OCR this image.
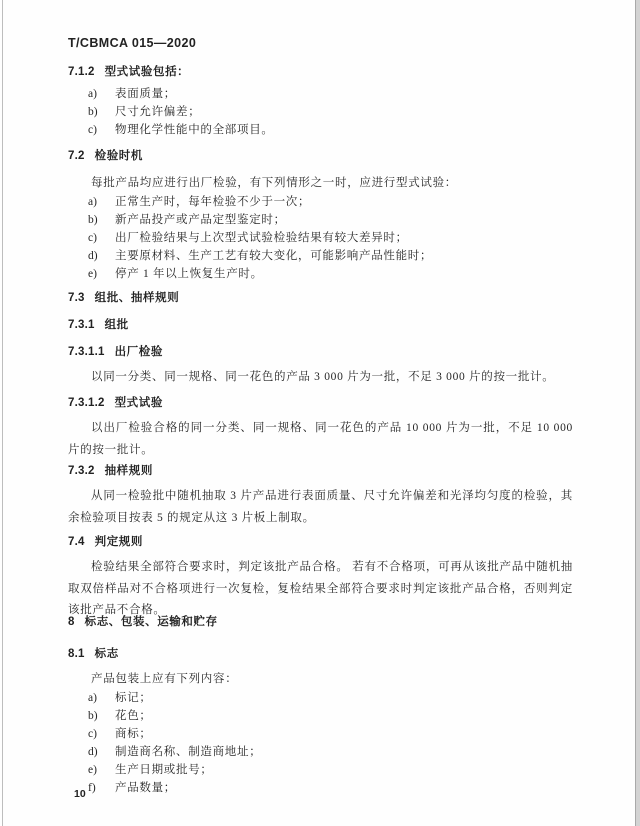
T/CBMCA 015—2020
7.1.2 型式试验包括：
a) 表面质量；
b) 尺寸允许偏差；
c) 物理化学性能中的全部项目。
7.2 检验时机
每批产品均应进行出厂检验，有下列情形之一时，应进行型式试验：
a) 正常生产时，每年检验不少于一次；
b) 新产品投产或产品定型鉴定时；
c) 出厂检验结果与上次型式试验检验结果有较大差异时；
d) 主要原材料、生产工艺有较大变化，可能影响产品性能时；
e) 停产 1 年以上恢复生产时。
7.3 组批、抽样规则
7.3.1 组批
7.3.1.1 出厂检验
以同一分类、同一规格、同一花色的产品 3 000 片为一批，不足 3 000 片的按一批计。
7.3.1.2 型式试验
以出厂检验合格的同一分类、同一规格、同一花色的产品 10 000 片为一批，不足 10 000 片的按一批计。
7.3.2 抽样规则
从同一检验批中随机抽取 3 片产品进行表面质量、尺寸允许偏差和光泽均匀度的检验，其余检验项目按表 5 的规定从这 3 片板上制取。
7.4 判定规则
检验结果全部符合要求时，判定该批产品合格。 若有不合格项，可再从该批产品中随机抽取双倍样品对不合格项进行一次复检，复检结果全部符合要求时判定该批产品合格，否则判定该批产品不合格。
8 标志、包装、运输和贮存
8.1 标志
产品包装上应有下列内容：
a) 标记；
b) 花色；
c) 商标；
d) 制造商名称、制造商地址；
e) 生产日期或批号；
f) 产品数量；
10
